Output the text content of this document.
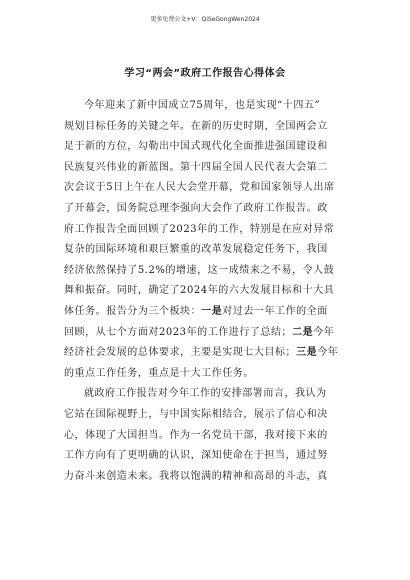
更多免费公文+V：QiSeGongWen2024
学习“两会”政府工作报告心得体会
今年迎来了新中国成立75周年，也是实现“十四五”
规划目标任务的关键之年。在新的历史时期，全国两会立
足于新的方位，勾勒出中国式现代化全面推进强国建设和
民族复兴伟业的新蓝图。第十四届全国人民代表大会第二
次会议于5日上午在人民大会堂开幕，党和国家领导人出席
了开幕会，国务院总理李强向大会作了政府工作报告。政
府工作报告全面回顾了2023年的工作，特别是在应对异常
复杂的国际环境和艰巨繁重的改革发展稳定任务下，我国
经济依然保持了5.2%的增速，这一成绩来之不易，令人鼓
舞和振奋。同时，确定了2024年的六大发展目标和十大具
体任务。报告分为三个板块：一是对过去一年工作的全面
回顾，从七个方面对2023年的工作进行了总结；二是今年
经济社会发展的总体要求，主要是实现七大目标；三是今年
的重点工作任务，重点是十大工作任务。
就政府工作报告对今年工作的安排部署而言，我认为
它站在国际视野上，与中国实际相结合，展示了信心和决
心，体现了大国担当。作为一名党员干部，我对接下来的
工作方向有了更明确的认识，深知使命在于担当，通过努
力奋斗来创造未来。我将以饱满的精神和高昂的斗志，真
